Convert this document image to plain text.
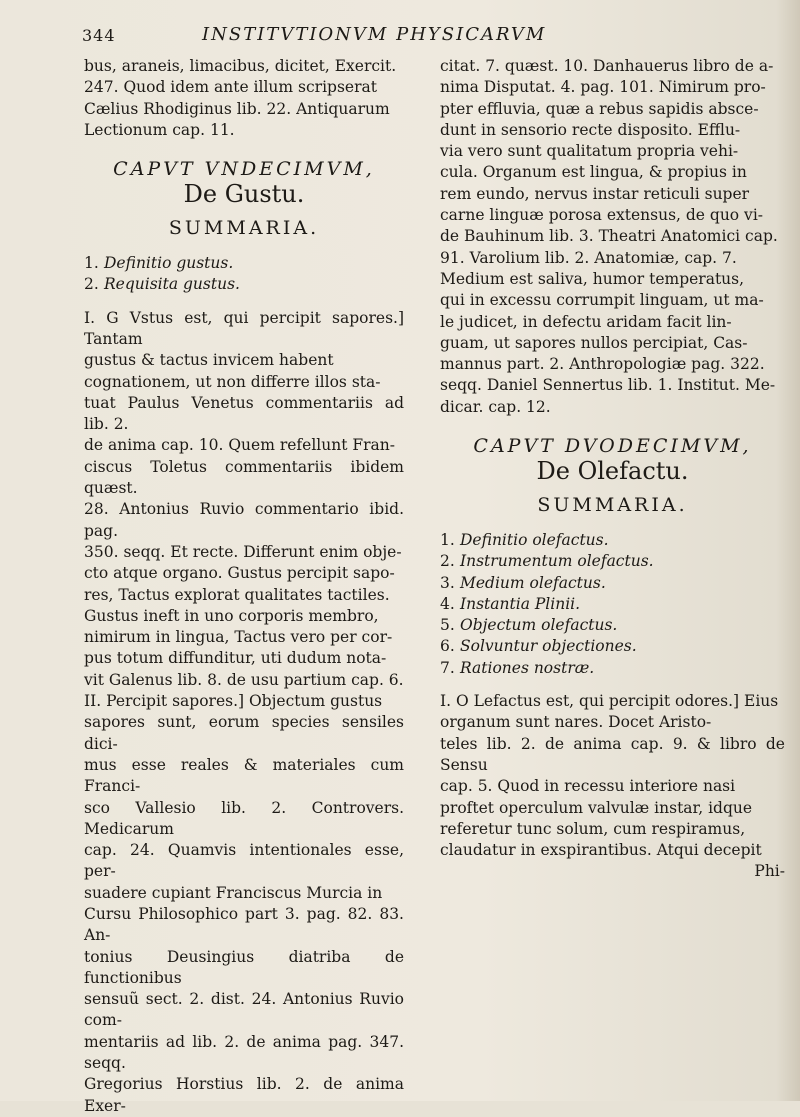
344	INSTITVTIONVM PHYSICARVM

bus, araneis, limacibus, dicitet, Exercit.

247. Quod idem ante illum scripserat

Cælius Rhodiginus lib. 22. Antiquarum

Lectionum cap. 11.

CAPVT VNDECIMVM,
De Gustu.
SUMMARIA.

1. Definitio gustus.

2. Requisita gustus.

I. G Vstus est, qui percipit sapores.] Tantam

gustus & tactus invicem habent

cognationem, ut non differre illos sta-

tuat Paulus Venetus commentariis ad lib. 2.

de anima cap. 10. Quem refellunt Fran-

ciscus Toletus commentariis ibidem quæst.

28. Antonius Ruvio commentario ibid. pag.

350. seqq. Et recte. Differunt enim obje-

cto atque organo. Gustus percipit sapo-

res, Tactus explorat qualitates tactiles.

Gustus ineft in uno corporis membro,

nimirum in lingua, Tactus vero per cor-

pus totum diffunditur, uti dudum nota-

vit Galenus lib. 8. de usu partium cap. 6.

II. Percipit sapores.] Objectum gustus

sapores sunt, eorum species sensiles dici-

mus esse reales & materiales cum Franci-

sco Vallesio lib. 2. Controvers. Medicarum

cap. 24. Quamvis intentionales esse, per-

suadere cupiant Franciscus Murcia in

Cursu Philosophico part 3. pag. 82. 83. An-

tonius Deusingius diatriba de functionibus

sensuũ sect. 2. dist. 24. Antonius Ruvio com-

mentariis ad lib. 2. de anima pag. 347. seqq.

Gregorius Horstius lib. 2. de anima Exer-

citat. 7. quæst. 10. Danhauerus libro de a-

nima Disputat. 4. pag. 101. Nimirum pro-

pter effluvia, quæ a rebus sapidis absce-

dunt in sensorio recte disposito. Efflu-

via vero sunt qualitatum propria vehi-

cula. Organum est lingua, & propius in

rem eundo, nervus instar reticuli super

carne linguæ porosa extensus, de quo vi-

de Bauhinum lib. 3. Theatri Anatomici cap.

91. Varolium lib. 2. Anatomiæ, cap. 7.

Medium est saliva, humor temperatus,

qui in excessu corrumpit linguam, ut ma-

le judicet, in defectu aridam facit lin-

guam, ut sapores nullos percipiat, Cas-

mannus part. 2. Anthropologiæ pag. 322.

seqq. Daniel Sennertus lib. 1. Institut. Me-

dicar. cap. 12.

CAPVT DVODECIMVM,
De Olefactu.
SUMMARIA.

1. Definitio olefactus.

2. Instrumentum olefactus.

3. Medium olefactus.

4. Instantia Plinii.

5. Objectum olefactus.

6. Solvuntur objectiones.

7. Rationes nostræ.

I. O Lefactus est, qui percipit odores.] Eius

organum sunt nares. Docet Aristo-

teles lib. 2. de anima cap. 9. & libro de Sensu

cap. 5. Quod in recessu interiore nasi

proftet operculum valvulæ instar, idque

referetur tunc solum, cum respiramus,

claudatur in exspirantibus. Atqui decepit

Phi-
